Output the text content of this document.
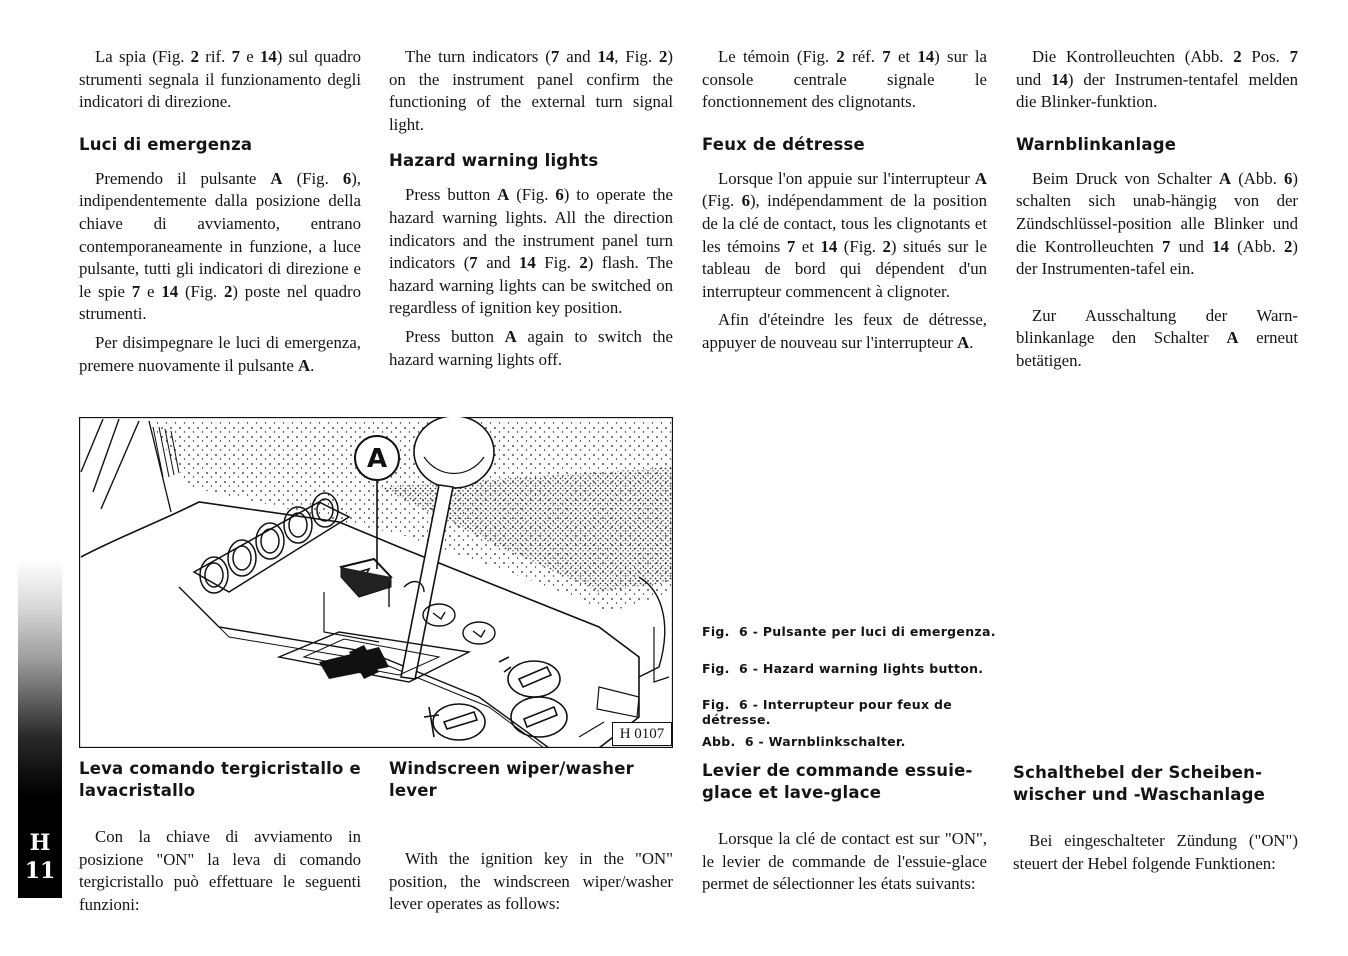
La spia (Fig. 2 rif. 7 e 14) sul quadro strumenti segnala il funzionamento degli indicatori di direzione.

Luci di emergenza

Premendo il pulsante A (Fig. 6), indipendentemente dalla posizione della chiave di avviamento, entrano contemporaneamente in funzione, a luce pulsante, tutti gli indicatori di direzione e le spie 7 e 14 (Fig. 2) poste nel quadro strumenti.

Per disimpegnare le luci di emergenza, premere nuovamente il pulsante A.

Leva comando tergicristallo e lavacristallo

Con la chiave di avviamento in posizione "ON" la leva di comando tergicristallo può effettuare le seguenti funzioni:

The turn indicators (7 and 14, Fig. 2) on the instrument panel confirm the functioning of the external turn signal light.

Hazard warning lights

Press button A (Fig. 6) to operate the hazard warning lights. All the direction indicators and the instrument panel turn indicators (7 and 14 Fig. 2) flash. The hazard warning lights can be switched on regardless of ignition key position.

Press button A again to switch the hazard warning lights off.

Windscreen wiper/washer lever

With the ignition key in the "ON" position, the windscreen wiper/washer lever operates as follows:

Le témoin (Fig. 2 réf. 7 et 14) sur la console centrale signale le fonctionnement des clignotants.

Feux de détresse

Lorsque l'on appuie sur l'interrupteur A (Fig. 6), indépendamment de la position de la clé de contact, tous les clignotants et les témoins 7 et 14 (Fig. 2) situés sur le tableau de bord qui dépendent d'un interrupteur commencent à clignoter.

Afin d'éteindre les feux de détresse, appuyer de nouveau sur l'interrupteur A.

Levier de commande essuie-glace et lave-glace

Lorsque la clé de contact est sur "ON", le levier de commande de l'essuie-glace permet de sélectionner les états suivants:

Die Kontrolleuchten (Abb. 2 Pos. 7 und 14) der Instrumen-tentafel melden die Blinker-funktion.

Warnblinkanlage

Beim Druck von Schalter A (Abb. 6) schalten sich unab-hängig von der Zündschlüssel-position alle Blinker und die Kontrolleuchten 7 und 14 (Abb. 2) der Instrumenten-tafel ein.

Zur Ausschaltung der Warn-blinkanlage den Schalter A erneut betätigen.

Schalthebel der Scheiben-wischer und -Waschanlage

Bei eingeschalteter Zündung ("ON") steuert der Hebel folgende Funktionen:

Fig. 6 - Pulsante per luci di emergenza.
Fig. 6 - Hazard warning lights button.
Fig. 6 - Interrupteur pour feux de détresse.
Abb. 6 - Warnblinkschalter.
A
H 0107
H
11
